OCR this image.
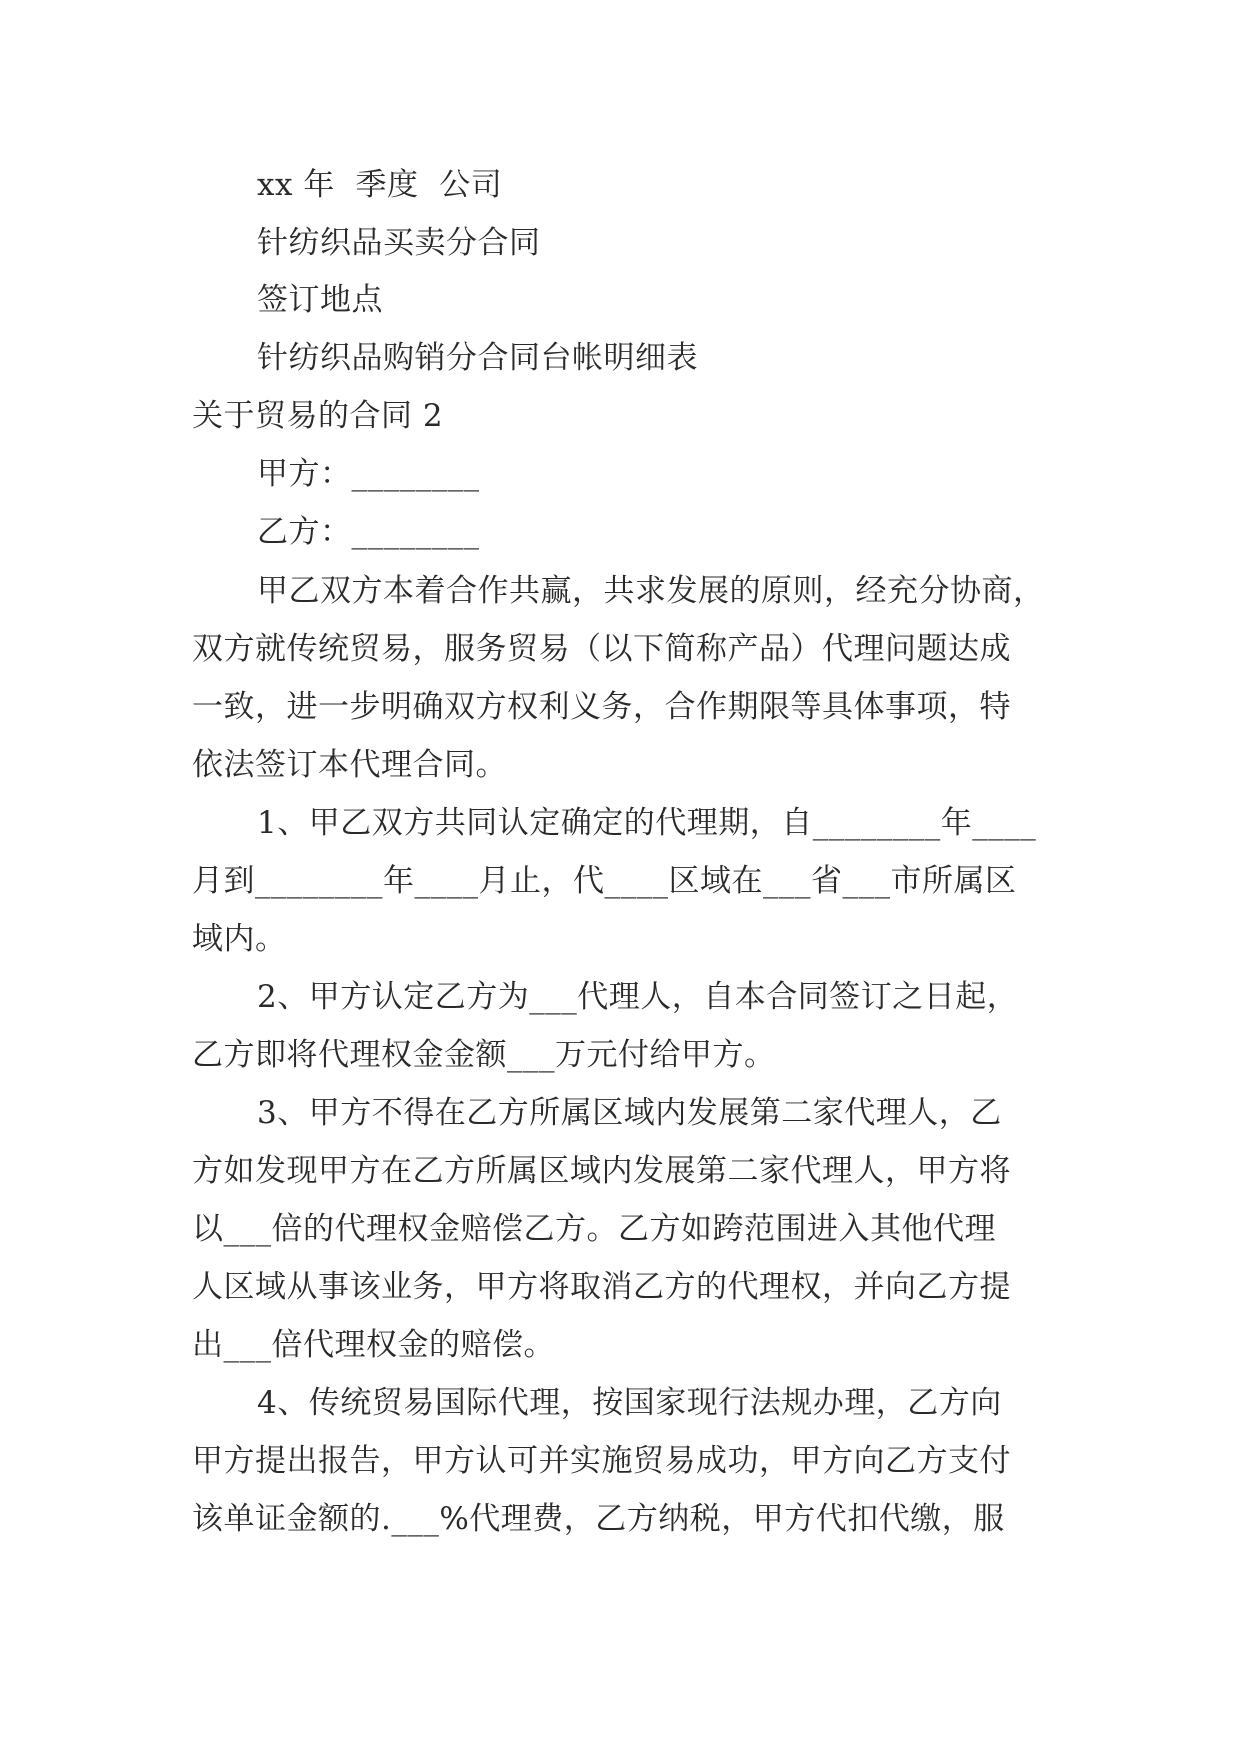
xx 年  季度  公司
针纺织品买卖分合同
签订地点
针纺织品购销分合同台帐明细表
关于贸易的合同 2
甲方：________
乙方：________
甲乙双方本着合作共赢，共求发展的原则，经充分协商，
双方就传统贸易，服务贸易（以下简称产品）代理问题达成
一致，进一步明确双方权利义务，合作期限等具体事项，特
依法签订本代理合同。
1、甲乙双方共同认定确定的代理期，自________年____
月到________年____月止，代____区域在___省___市所属区
域内。
2、甲方认定乙方为___代理人，自本合同签订之日起，
乙方即将代理权金金额___万元付给甲方。
3、甲方不得在乙方所属区域内发展第二家代理人，乙
方如发现甲方在乙方所属区域内发展第二家代理人，甲方将
以___倍的代理权金赔偿乙方。乙方如跨范围进入其他代理
人区域从事该业务，甲方将取消乙方的代理权，并向乙方提
出___倍代理权金的赔偿。
4、传统贸易国际代理，按国家现行法规办理，乙方向
甲方提出报告，甲方认可并实施贸易成功，甲方向乙方支付
该单证金额的.___%代理费，乙方纳税，甲方代扣代缴，服
